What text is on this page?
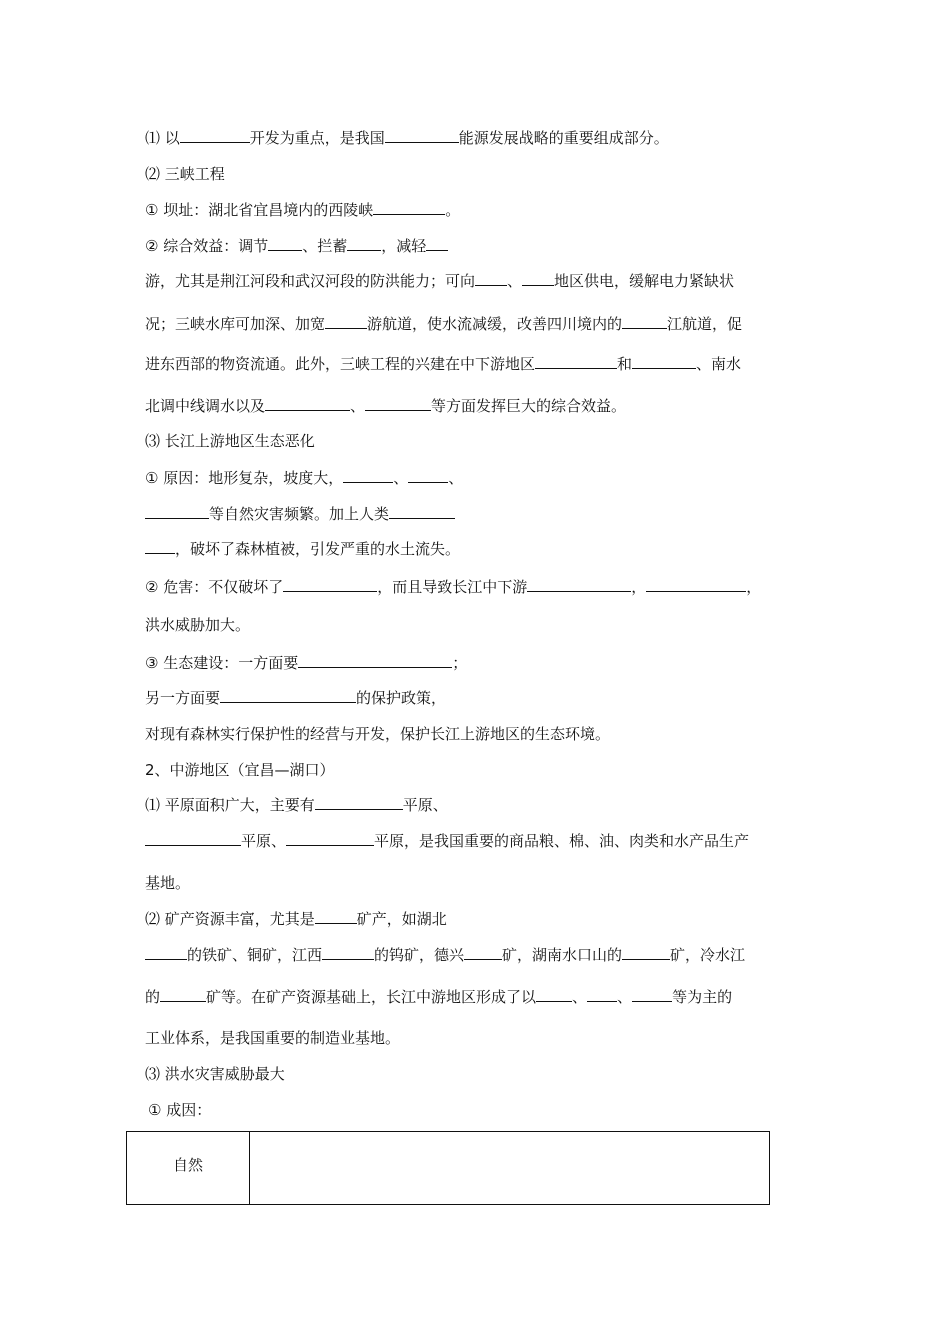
⑴ 以	开发为重点，是我国	能源发展战略的重要组成部分。
⑵ 三峡工程
① 坝址：湖北省宜昌境内的西陵峡	。
② 综合效益：调节 、拦蓄 ，减轻
游，尤其是荆江河段和武汉河段的防洪能力；可向 、 地区供电，缓解电力紧缺状
况；三峡水库可加深、加宽	游航道，使水流减缓，改善四川境内的	江航道，促
进东西部的物资流通。此外，三峡工程的兴建在中下游地区	和	、南水
北调中线调水以及	、	等方面发挥巨大的综合效益。
⑶ 长江上游地区生态恶化
① 原因：地形复杂，坡度大，	、	、
等自然灾害频繁。加上人类
，破坏了森林植被，引发严重的水土流失。
② 危害：不仅破坏了	，而且导致长江中下游	，	，
洪水威胁加大。
③ 生态建设：一方面要	；
另一方面要	的保护政策，
对现有森林实行保护性的经营与开发，保护长江上游地区的生态环境。
2、中游地区（宜昌—湖口）
⑴ 平原面积广大，主要有	平原、
平原、	平原，是我国重要的商品粮、棉、油、肉类和水产品生产
基地。
⑵ 矿产资源丰富，尤其是	矿产，如湖北
的铁矿、铜矿，江西	的钨矿，德兴	矿，湖南水口山的	矿，冷水江
的	矿等。在矿产资源基础上，长江中游地区形成了以 、 、	等为主的
工业体系，是我国重要的制造业基地。
⑶ 洪水灾害威胁最大
① 成因：
自然	
